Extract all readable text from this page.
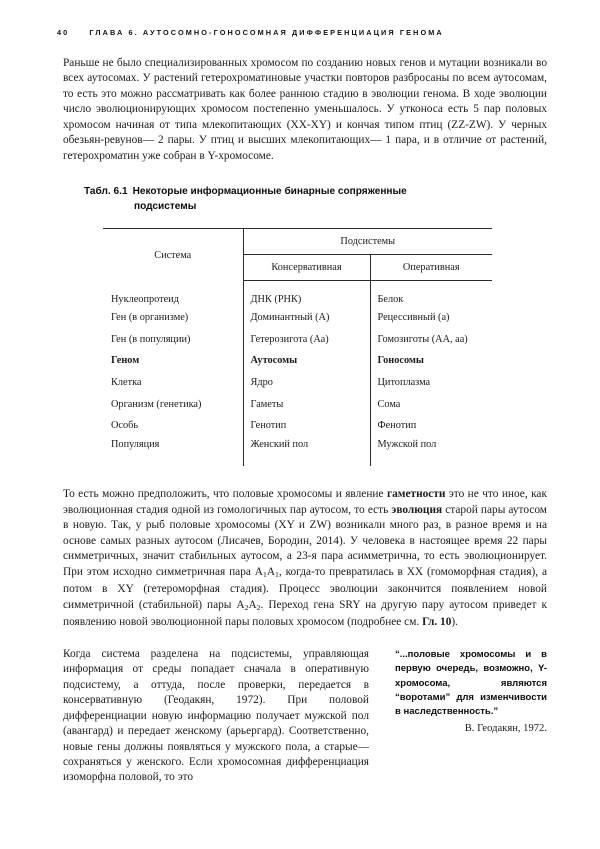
40	ГЛАВА 6. АУТОСОМНО-ГОНОСОМНАЯ ДИФФЕРЕНЦИАЦИЯ ГЕНОМА

Раньше не было специализированных хромосом по созданию новых генов и мутации возникали во всех аутосомах. У растений гетерохроматиновые участки повторов разбросаны по всем аутосомам, то есть это можно рассматривать как более раннюю стадию в эволюции генома. В ходе эволюции число эволюционирующих хромосом постепенно уменьшалось. У утконоса есть 5 пар половых хромосом начиная от типа млекопитающих (XX-XY) и кончая типом птиц (ZZ-ZW). У черных обезьян-ревунов— 2 пары. У птиц и высших млекопитающих— 1 пара, и в отличие от растений, гетерохроматин уже собран в Y-хромосоме.

Табл. 6.1 Некоторые информационные бинарные сопряженные
подсистемы
Система	Подсистемы	
	Консервативная	Оперативная
Нуклеопротеид	ДНК (РНК)	Белок
Ген (в организме)	Доминантный (А)	Рецессивный (а)
Ген (в популяции)	Гетерозигота (Аа)	Гомозиготы (АА, аа)
Геном	Аутосомы	Гоносомы
Клетка	Ядро	Цитоплазма
Организм (генетика)	Гаметы	Сома
Особь	Генотип	Фенотип
Популяция	Женский пол	Мужской пол

То есть можно предположить, что половые хромосомы и явление гаметности это не что иное, как эволюционная стадия одной из гомологичных пар аутосом, то есть эволюция старой пары аутосом в новую. Так, у рыб половые хромосомы (XY и ZW) возникали много раз, в разное время и на основе самых разных аутосом (Лисачев, Бородин, 2014). У человека в настоящее время 22 пары симметричных, значит стабильных аутосом, а 23-я пара асимметрична, то есть эволюционирует. При этом исходно симметричная пара $A_1A_1$, когда-то превратилась в XX (гомоморфная стадия), а потом в XY (гетероморфная стадия). Процесс эволюции закончится появлением новой симметричной (стабильной) пары $A_2A_2$. Переход гена SRY на другую пару аутосом приведет к появлению новой эволюционной пары половых хромосом (подробнее см. Гл. 10).

Когда система разделена на подсистемы, управляющая информация от среды попадает сначала в оперативную подсистему, а оттуда, после проверки, передается в консервативную (Геодакян, 1972). При половой дифференциации новую информацию получает мужской пол (авангард) и передает женскому (арьергард). Соответственно, новые гены должны появляться у мужского пола, а старые—сохраняться у женского. Если хромосомная дифференциация изоморфна половой, то это
“...половые хромосомы и в первую очередь, возможно, Y-хромосома, являются “воротами” для изменчивости в наследственность.”
В. Геодакян, 1972.
